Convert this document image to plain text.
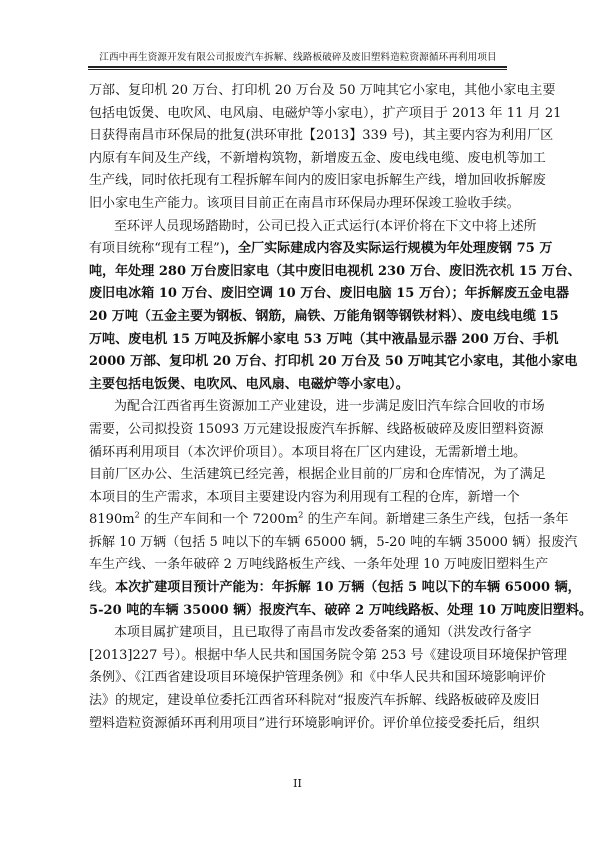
江西中再生资源开发有限公司报废汽车拆解、线路板破碎及废旧塑料造粒资源循环再利用项目
万部、复印机 20 万台、打印机 20 万台及 50 万吨其它小家电，其他小家电主要
包括电饭煲、电吹风、电风扇、电磁炉等小家电），扩产项目于 2013 年 11 月 21
日获得南昌市环保局的批复(洪环审批【2013】339 号)，其主要内容为利用厂区
内原有车间及生产线，不新增构筑物，新增废五金、废电线电缆、废电机等加工
生产线，同时依托现有工程拆解车间内的废旧家电拆解生产线，增加回收拆解废
旧小家电生产能力。该项目目前正在南昌市环保局办理环保竣工验收手续。
至环评人员现场踏勘时，公司已投入正式运行(本评价将在下文中将上述所
有项目统称“现有工程”)，全厂实际建成内容及实际运行规模为年处理废钢 75 万
吨，年处理 280 万台废旧家电（其中废旧电视机 230 万台、废旧洗衣机 15 万台、
废旧电冰箱 10 万台、废旧空调 10 万台、废旧电脑 15 万台）；年拆解废五金电器
20 万吨（五金主要为钢板、钢筋，扁铁、万能角钢等钢铁材料）、废电线电缆 15
万吨、废电机 15 万吨及拆解小家电 53 万吨（其中液晶显示器 200 万台、手机
2000 万部、复印机 20 万台、打印机 20 万台及 50 万吨其它小家电，其他小家电
主要包括电饭煲、电吹风、电风扇、电磁炉等小家电）。
为配合江西省再生资源加工产业建设，进一步满足废旧汽车综合回收的市场
需要，公司拟投资 15093 万元建设报废汽车拆解、线路板破碎及废旧塑料资源
循环再利用项目（本次评价项目）。本项目将在厂区内建设，无需新增土地。
目前厂区办公、生活建筑已经完善，根据企业目前的厂房和仓库情况，为了满足
本项目的生产需求，本项目主要建设内容为利用现有工程的仓库，新增一个
$8190m^2$ 的生产车间和一个 $7200m^2$ 的生产车间。新增建三条生产线，包括一条年
拆解 10 万辆（包括 5 吨以下的车辆 65000 辆，5-20 吨的车辆 35000 辆）报废汽
车生产线、一条年破碎 2 万吨线路板生产线、一条年处理 10 万吨废旧塑料生产
线。本次扩建项目预计产能为：年拆解 10 万辆（包括 5 吨以下的车辆 65000 辆，
5-20 吨的车辆 35000 辆）报废汽车、破碎 2 万吨线路板、处理 10 万吨废旧塑料。
本项目属扩建项目，且已取得了南昌市发改委备案的通知（洪发改行备字
[2013]227 号）。根据中华人民共和国国务院令第 253 号《建设项目环境保护管理
条例》、《江西省建设项目环境保护管理条例》和《中华人民共和国环境影响评价
法》的规定，建设单位委托江西省环科院对“报废汽车拆解、线路板破碎及废旧
塑料造粒资源循环再利用项目”进行环境影响评价。评价单位接受委托后，组织
II
